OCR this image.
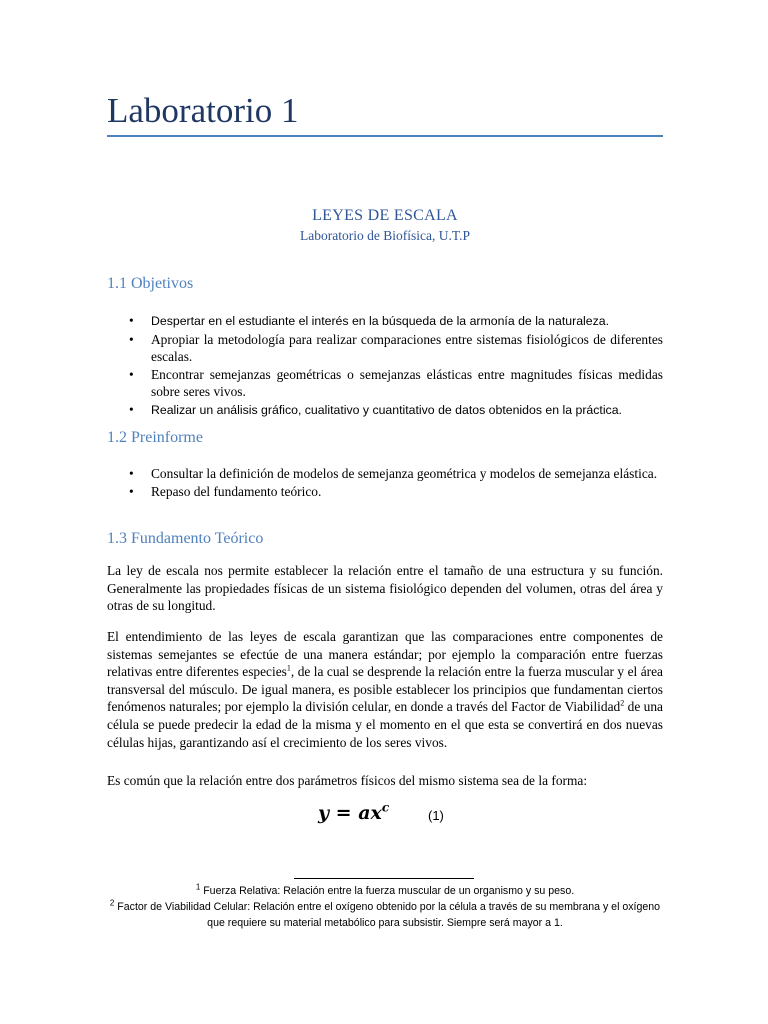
Laboratorio 1
LEYES DE ESCALA
Laboratorio de Biofísica, U.T.P
1.1 Objetivos
• Despertar en el estudiante el interés en la búsqueda de la armonía de la naturaleza.
• Apropiar la metodología para realizar comparaciones entre sistemas fisiológicos de diferentes escalas.
• Encontrar semejanzas geométricas o semejanzas elásticas entre magnitudes físicas medidas sobre seres vivos.
• Realizar un análisis gráfico, cualitativo y cuantitativo de datos obtenidos en la práctica.
1.2 Preinforme
• Consultar la definición de modelos de semejanza geométrica y modelos de semejanza elástica.
• Repaso del fundamento teórico.
1.3 Fundamento Teórico

La ley de escala nos permite establecer la relación entre el tamaño de una estructura y su función. Generalmente las propiedades físicas de un sistema fisiológico dependen del volumen, otras del área y otras de su longitud.

El entendimiento de las leyes de escala garantizan que las comparaciones entre componentes de sistemas semejantes se efectúe de una manera estándar; por ejemplo la comparación entre fuerzas relativas entre diferentes especies$^1$, de la cual se desprende la relación entre la fuerza muscular y el área transversal del músculo. De igual manera, es posible establecer los principios que fundamentan ciertos fenómenos naturales; por ejemplo la división celular, en donde a través del Factor de Viabilidad$^2$ de una célula se puede predecir la edad de la misma y el momento en el que esta se convertirá en dos nuevas células hijas, garantizando así el crecimiento de los seres vivos.

Es común que la relación entre dos parámetros físicos del mismo sistema sea de la forma:

$y = ax^c$
(1)
$^1$ Fuerza Relativa: Relación entre la fuerza muscular de un organismo y su peso.
$^2$ Factor de Viabilidad Celular: Relación entre el oxígeno obtenido por la célula a través de su membrana y el oxígeno que requiere su material metabólico para subsistir. Siempre será mayor a 1.
